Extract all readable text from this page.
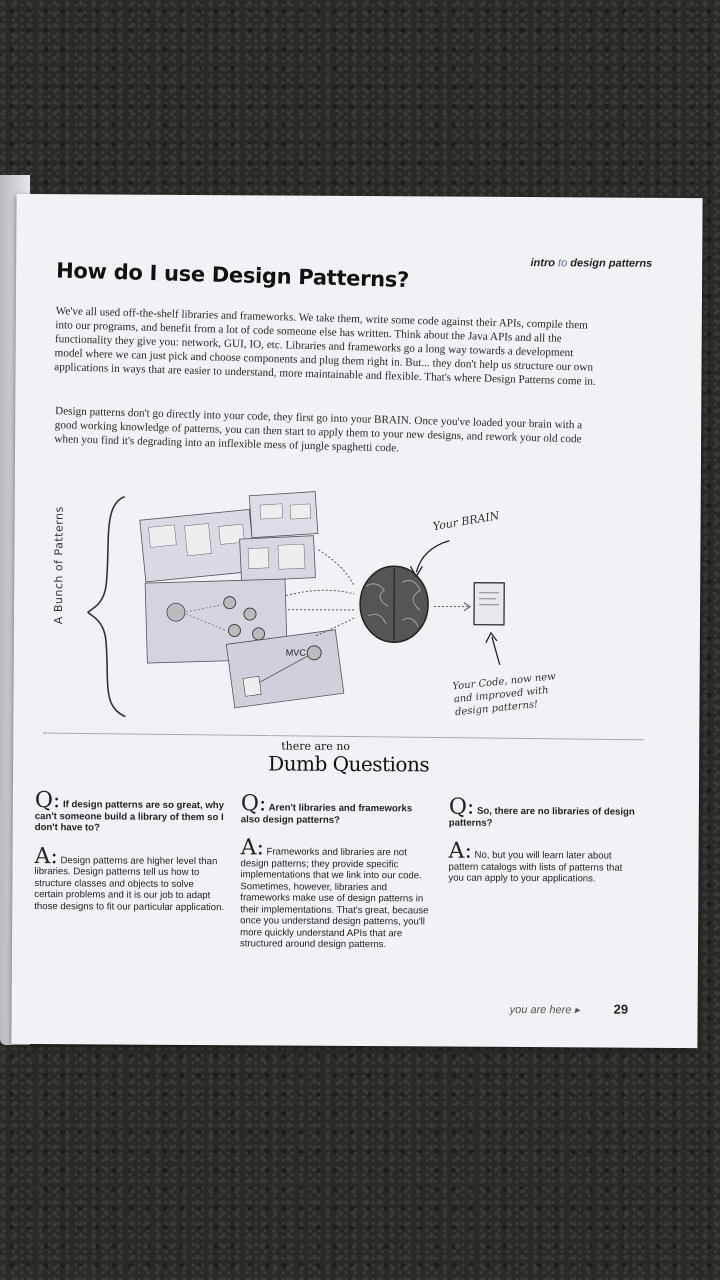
intro to design patterns
How do I use Design Patterns?

We've all used off-the-shelf libraries and frameworks. We take them, write some code against their APIs, compile them into our programs, and benefit from a lot of code someone else has written. Think about the Java APIs and all the functionality they give you: network, GUI, IO, etc. Libraries and frameworks go a long way towards a development model where we can just pick and choose components and plug them right in. But... they don't help us structure our own applications in ways that are easier to understand, more maintainable and flexible. That's where Design Patterns come in.

Design patterns don't go directly into your code, they first go into your BRAIN. Once you've loaded your brain with a good working knowledge of patterns, you can then start to apply them to your new designs, and rework your old code when you find it's degrading into an inflexible mess of jungle spaghetti code.

MVC
A Bunch of Patterns	Your BRAIN
Your Code, now new and improved with design patterns!
there are no
Dumb Questions
Q: If design patterns are so great, why can't someone build a library of them so I don't have to?
A: Design patterns are higher level than libraries. Design patterns tell us how to structure classes and objects to solve certain problems and it is our job to adapt those designs to fit our particular application.
Q: Aren't libraries and frameworks also design patterns?
A: Frameworks and libraries are not design patterns; they provide specific implementations that we link into our code. Sometimes, however, libraries and frameworks make use of design patterns in their implementations. That's great, because once you understand design patterns, you'll more quickly understand APIs that are structured around design patterns.
Q: So, there are no libraries of design patterns?
A: No, but you will learn later about pattern catalogs with lists of patterns that you can apply to your applications.
you are here ▸	29
